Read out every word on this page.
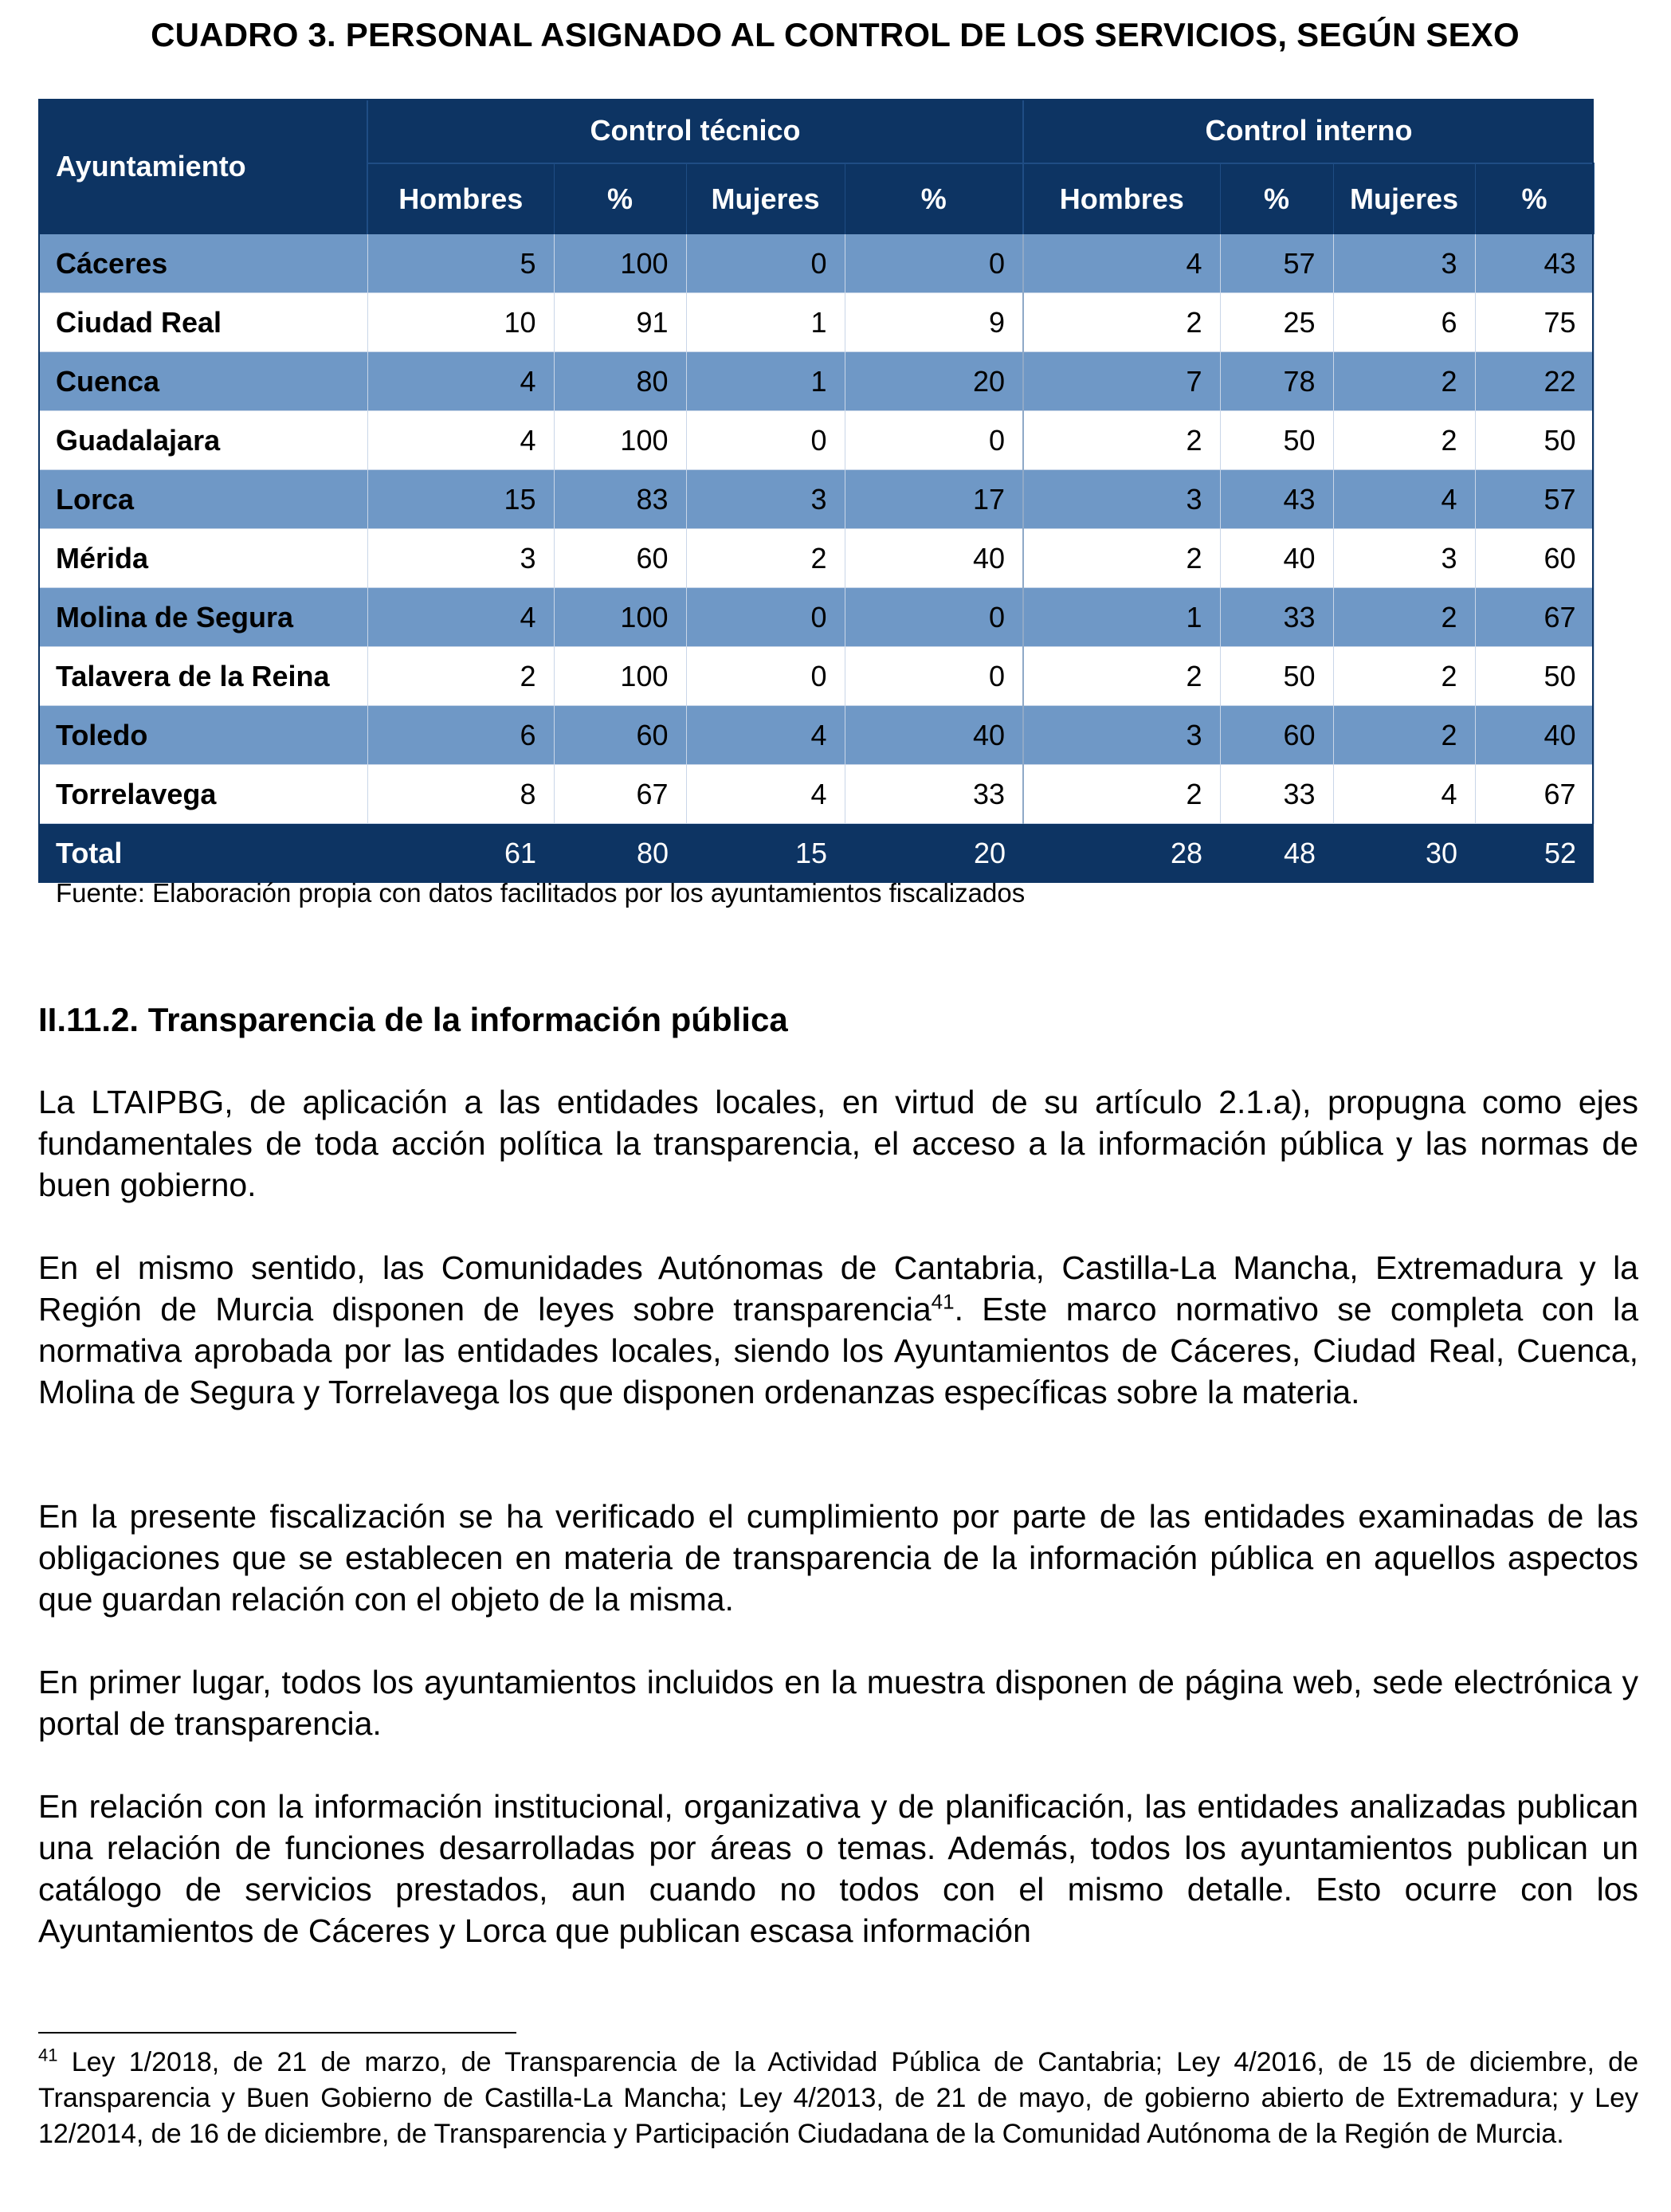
CUADRO 3. PERSONAL ASIGNADO AL CONTROL DE LOS SERVICIOS, SEGÚN SEXO
Ayuntamiento	Control técnico				Control interno			
	Hombres	%	Mujeres	%	Hombres	%	Mujeres	%
Cáceres	5	100	0	0	4	57	3	43
Ciudad Real	10	91	1	9	2	25	6	75
Cuenca	4	80	1	20	7	78	2	22
Guadalajara	4	100	0	0	2	50	2	50
Lorca	15	83	3	17	3	43	4	57
Mérida	3	60	2	40	2	40	3	60
Molina de Segura	4	100	0	0	1	33	2	67
Talavera de la Reina	2	100	0	0	2	50	2	50
Toledo	6	60	4	40	3	60	2	40
Torrelavega	8	67	4	33	2	33	4	67
Total	61	80	15	20	28	48	30	52
Fuente: Elaboración propia con datos facilitados por los ayuntamientos fiscalizados
II.11.2. Transparencia de la información pública

La LTAIPBG, de aplicación a las entidades locales, en virtud de su artículo 2.1.a), propugna como ejes fundamentales de toda acción política la transparencia, el acceso a la información pública y las normas de buen gobierno.

En el mismo sentido, las Comunidades Autónomas de Cantabria, Castilla-La Mancha, Extremadura y la Región de Murcia disponen de leyes sobre transparencia$^{41}$. Este marco normativo se completa con la normativa aprobada por las entidades locales, siendo los Ayuntamientos de Cáceres, Ciudad Real, Cuenca, Molina de Segura y Torrelavega los que disponen ordenanzas específicas sobre la materia.

En la presente fiscalización se ha verificado el cumplimiento por parte de las entidades examinadas de las obligaciones que se establecen en materia de transparencia de la información pública en aquellos aspectos que guardan relación con el objeto de la misma.

En primer lugar, todos los ayuntamientos incluidos en la muestra disponen de página web, sede electrónica y portal de transparencia.

En relación con la información institucional, organizativa y de planificación, las entidades analizadas publican una relación de funciones desarrolladas por áreas o temas. Además, todos los ayuntamientos publican un catálogo de servicios prestados, aun cuando no todos con el mismo detalle. Esto ocurre con los Ayuntamientos de Cáceres y Lorca que publican escasa información

$^{41}$ Ley 1/2018, de 21 de marzo, de Transparencia de la Actividad Pública de Cantabria; Ley 4/2016, de 15 de diciembre, de Transparencia y Buen Gobierno de Castilla-La Mancha; Ley 4/2013, de 21 de mayo, de gobierno abierto de Extremadura; y Ley 12/2014, de 16 de diciembre, de Transparencia y Participación Ciudadana de la Comunidad Autónoma de la Región de Murcia.
